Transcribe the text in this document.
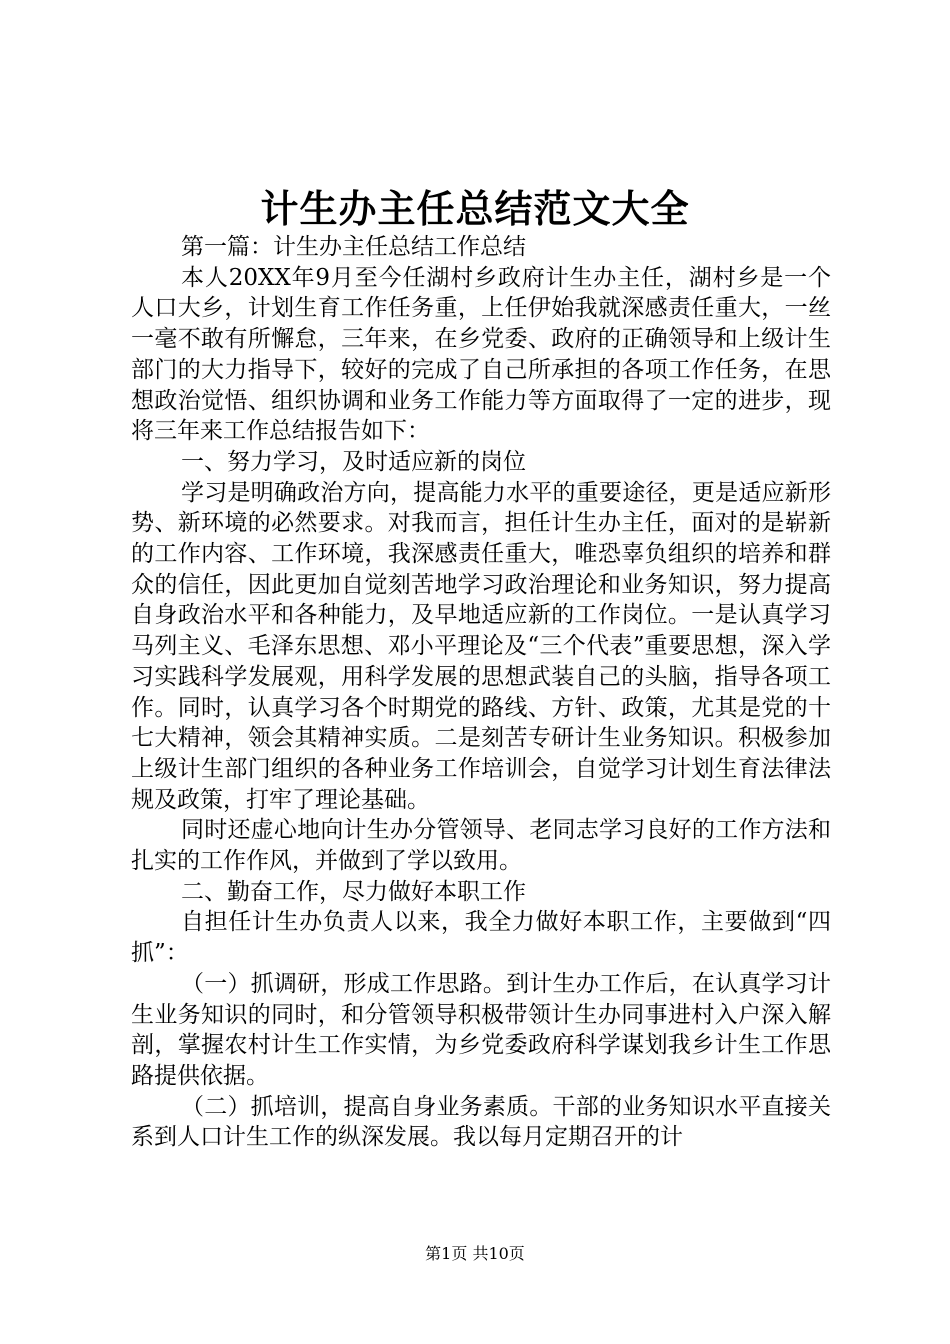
计生办主任总结范文大全

第一篇：计生办主任总结工作总结

本人20XX年9月至今任湖村乡政府计生办主任，湖村乡是一个人口大乡，计划生育工作任务重，上任伊始我就深感责任重大，一丝一毫不敢有所懈怠，三年来，在乡党委、政府的正确领导和上级计生部门的大力指导下，较好的完成了自己所承担的各项工作任务，在思想政治觉悟、组织协调和业务工作能力等方面取得了一定的进步，现将三年来工作总结报告如下：

一、努力学习，及时适应新的岗位

学习是明确政治方向，提高能力水平的重要途径，更是适应新形势、新环境的必然要求。对我而言，担任计生办主任，面对的是崭新的工作内容、工作环境，我深感责任重大，唯恐辜负组织的培养和群众的信任，因此更加自觉刻苦地学习政治理论和业务知识，努力提高自身政治水平和各种能力，及早地适应新的工作岗位。一是认真学习马列主义、毛泽东思想、邓小平理论及“三个代表”重要思想，深入学习实践科学发展观，用科学发展的思想武装自己的头脑，指导各项工作。同时，认真学习各个时期党的路线、方针、政策，尤其是党的十七大精神，领会其精神实质。二是刻苦专研计生业务知识。积极参加上级计生部门组织的各种业务工作培训会，自觉学习计划生育法律法规及政策，打牢了理论基础。

同时还虚心地向计生办分管领导、老同志学习良好的工作方法和扎实的工作作风，并做到了学以致用。

二、勤奋工作，尽力做好本职工作

自担任计生办负责人以来，我全力做好本职工作，主要做到“四抓”：

（一）抓调研，形成工作思路。到计生办工作后，在认真学习计生业务知识的同时，和分管领导积极带领计生办同事进村入户深入解剖，掌握农村计生工作实情，为乡党委政府科学谋划我乡计生工作思路提供依据。

（二）抓培训，提高自身业务素质。干部的业务知识水平直接关系到人口计生工作的纵深发展。我以每月定期召开的计

第1页 共10页
